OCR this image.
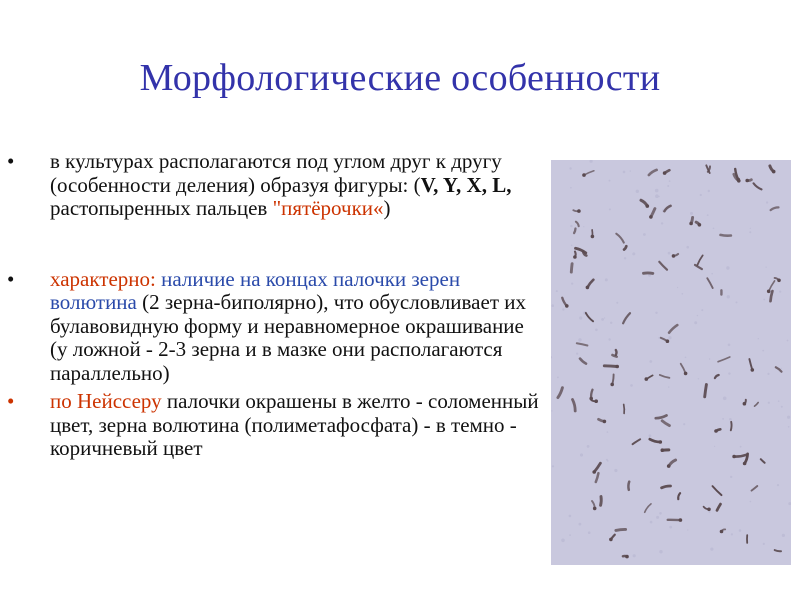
Морфологические особенности
• в культурах располагаются под углом друг к другу (особенности деления) образуя фигуры: (V, Y, X, L, растопыренных пальцев "пятёрочки«)
• характерно: наличие на концах палочки зерен волютина (2 зерна-биполярно), что обусловливает их булавовидную форму и неравномерное окрашивание (у ложной - 2-3 зерна и в мазке они располагаются параллельно)
• по Нейссеру палочки окрашены в желто - соломенный цвет, зерна волютина (полиметафосфата) - в темно - коричневый цвет
